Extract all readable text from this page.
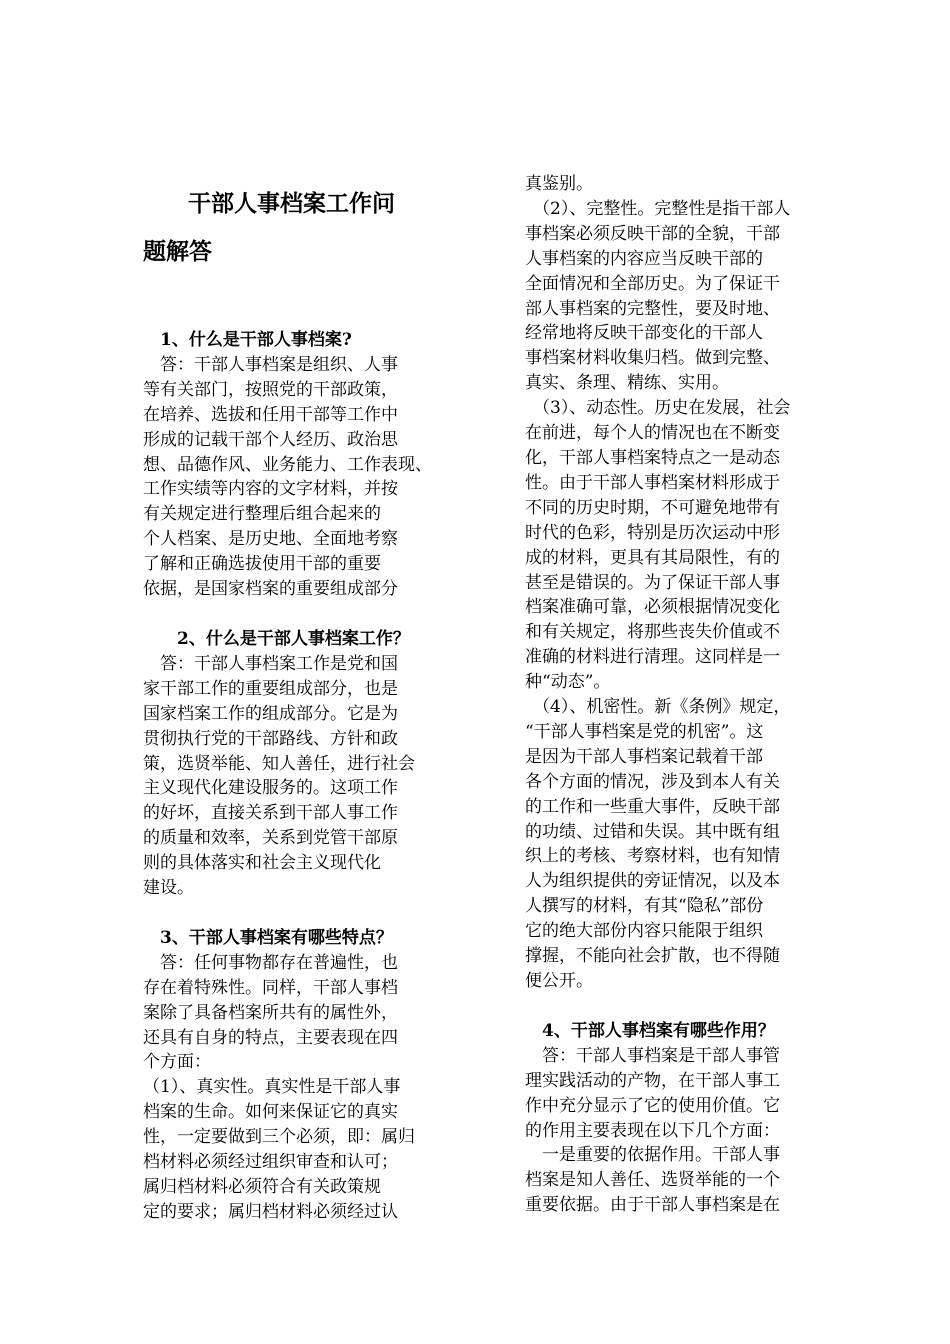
干部人事档案工作问
题解答

1、什么是干部人事档案?

答：干部人事档案是组织、人事

等有关部门，按照党的干部政策，

在培养、选拔和任用干部等工作中

形成的记载干部个人经历、政治思

想、品德作风、业务能力、工作表现、

工作实绩等内容的文字材料，并按

有关规定进行整理后组合起来的

个人档案、是历史地、全面地考察

了解和正确选拔使用干部的重要

依据，是国家档案的重要组成部分

2、什么是干部人事档案工作？

答：干部人事档案工作是党和国

家干部工作的重要组成部分，也是

国家档案工作的组成部分。它是为

贯彻执行党的干部路线、方针和政

策，选贤举能、知人善任，进行社会

主义现代化建设服务的。这项工作

的好坏，直接关系到干部人事工作

的质量和效率，关系到党管干部原

则的具体落实和社会主义现代化

建设。

3、干部人事档案有哪些特点？

答：任何事物都存在普遍性，也

存在着特殊性。同样，干部人事档

案除了具备档案所共有的属性外，

还具有自身的特点，主要表现在四

个方面：

（1）、真实性。真实性是干部人事

档案的生命。如何来保证它的真实

性，一定要做到三个必须，即：属归

档材料必须经过组织审查和认可；

属归档材料必须符合有关政策规

定的要求；属归档材料必须经过认

真鉴别。

（2）、完整性。完整性是指干部人

事档案必须反映干部的全貌，干部

人事档案的内容应当反映干部的

全面情况和全部历史。为了保证干

部人事档案的完整性，要及时地、

经常地将反映干部变化的干部人

事档案材料收集归档。做到完整、

真实、条理、精练、实用。

（3）、动态性。历史在发展，社会

在前进，每个人的情况也在不断变

化，干部人事档案特点之一是动态

性。由于干部人事档案材料形成于

不同的历史时期，不可避免地带有

时代的色彩，特别是历次运动中形

成的材料，更具有其局限性，有的

甚至是错误的。为了保证干部人事

档案准确可靠，必须根据情况变化

和有关规定，将那些丧失价值或不

准确的材料进行清理。这同样是一

种“动态”。

（4）、机密性。新《条例》规定，

“干部人事档案是党的机密”。这

是因为干部人事档案记载着干部

各个方面的情况，涉及到本人有关

的工作和一些重大事件，反映干部

的功绩、过错和失误。其中既有组

织上的考核、考察材料，也有知情

人为组织提供的旁证情况，以及本

人撰写的材料，有其“隐私”部份

它的绝大部份内容只能限于组织

撑握，不能向社会扩散，也不得随

便公开。

4、干部人事档案有哪些作用？

答：干部人事档案是干部人事管

理实践活动的产物，在干部人事工

作中充分显示了它的使用价值。它

的作用主要表现在以下几个方面：

一是重要的依据作用。干部人事

档案是知人善任、选贤举能的一个

重要依据。由于干部人事档案是在
